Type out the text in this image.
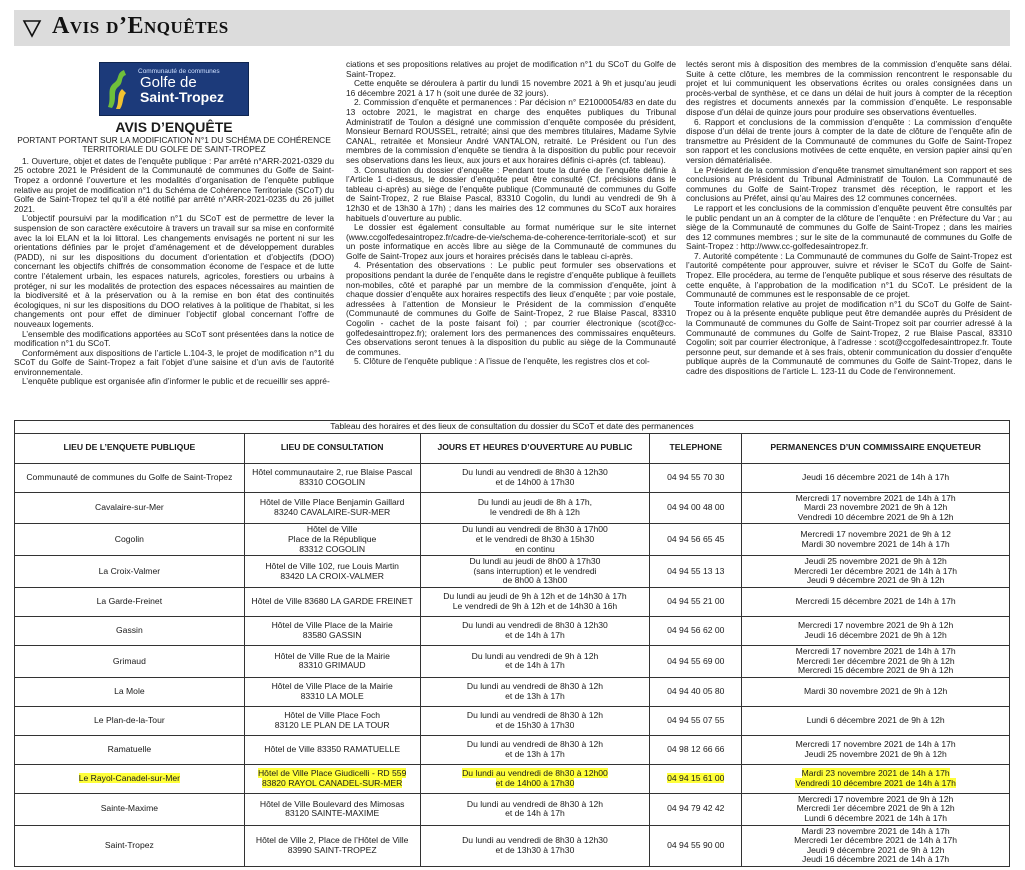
Avis d’Enquêtes
Communauté de communes
Golfe de
Saint-Tropez
AVIS D’ENQUÊTE
PORTANT PORTANT SUR LA MODIFICATION N°1 DU SCHÉMA DE COHÉRENCE TERRITORIALE DU GOLFE DE SAINT-TROPEZ

1. Ouverture, objet et dates de l’enquête publique : Par arrêté n°ARR-2021-0329 du 25 octobre 2021 le Président de la Communauté de communes du Golfe de Saint-Tropez a ordonné l’ouverture et les modalités d’organisation de l’enquête publique relative au projet de modification n°1 du Schéma de Cohérence Territoriale (SCoT) du Golfe de Saint-Tropez tel qu’il a été notifié par arrêté n°ARR-2021-0235 du 26 juillet 2021.

L’objectif poursuivi par la modification n°1 du SCoT est de permettre de lever la suspension de son caractère exécutoire à travers un travail sur sa mise en conformité avec la loi ELAN et la loi littoral. Les changements envisagés ne portent ni sur les orientations définies par le projet d’aménagement et de développement durables (PADD), ni sur les dispositions du document d’orientation et d’objectifs (DOO) concernant les objectifs chiffrés de consommation économe de l’espace et de lutte contre l’étalement urbain, les espaces naturels, agricoles, forestiers ou urbains à protéger, ni sur les modalités de protection des espaces nécessaires au maintien de la biodiversité et à la préservation ou à la remise en bon état des continuités écologiques, ni sur les dispositions du DOO relatives à la politique de l’habitat, si les changements ont pour effet de diminuer l’objectif global concernant l’offre de nouveaux logements.

L’ensemble des modifications apportées au SCoT sont présentées dans la notice de modification n°1 du SCoT.

Conformément aux dispositions de l’article L.104-3, le projet de modification n°1 du SCoT du Golfe de Saint-Tropez a fait l’objet d’une saisine et d’un avis de l’autorité environnementale.

L’enquête publique est organisée afin d’informer le public et de recueillir ses appré-

ciations et ses propositions relatives au projet de modification n°1 du SCoT du Golfe de Saint-Tropez.

Cette enquête se déroulera à partir du lundi 15 novembre 2021 à 9h et jusqu’au jeudi 16 décembre 2021 à 17 h (soit une durée de 32 jours).

2. Commission d’enquête et permanences : Par décision n° E21000054/83 en date du 13 octobre 2021, le magistrat en charge des enquêtes publiques du Tribunal Administratif de Toulon a désigné une commission d’enquête composée du président, Monsieur Bernard ROUSSEL, retraité; ainsi que des membres titulaires, Madame Sylvie CANAL, retraitée et Monsieur André VANTALON, retraité. Le Président ou l’un des membres de la commission d’enquête se tiendra à la disposition du public pour recevoir ses observations dans les lieux, aux jours et aux horaires définis ci-après (cf. tableau).

3. Consultation du dossier d’enquête : Pendant toute la durée de l’enquête définie à l’Article 1 ci-dessus, le dossier d’enquête peut être consulté (Cf. précisions dans le tableau ci-après) au siège de l’enquête publique (Communauté de communes du Golfe de Saint-Tropez, 2 rue Blaise Pascal, 83310 Cogolin, du lundi au vendredi de 9h à 12h30 et de 13h30 à 17h) ; dans les mairies des 12 communes du SCoT aux horaires habituels d’ouverture au public.

Le dossier est également consultable au format numérique sur le site internet (www.ccgolfedesaintropez.fr/cadre-de-vie/schema-de-coherence-territoriale-scot) et sur un poste informatique en accès libre au siège de la Communauté de communes du Golfe de Saint-Tropez aux jours et horaires précisés dans le tableau ci-après.

4. Présentation des observations : Le public peut formuler ses observations et propositions pendant la durée de l’enquête dans le registre d’enquête publique à feuillets non-mobiles, côté et paraphé par un membre de la commission d’enquête, joint à chaque dossier d’enquête aux horaires respectifs des lieux d’enquête ; par voie postale, adressées à l’attention de Monsieur le Président de la commission d’enquête (Communauté de communes du Golfe de Saint-Tropez, 2 rue Blaise Pascal, 83310 Cogolin - cachet de la poste faisant foi) ; par courrier électronique (scot@cc-golfedesainttropez.fr); oralement lors des permanences des commissaires enquêteurs. Ces observations seront tenues à la disposition du public au siège de la Communauté de communes.

5. Clôture de l’enquête publique : A l’issue de l’enquête, les registres clos et col-

lectés seront mis à disposition des membres de la commission d’enquête sans délai. Suite à cette clôture, les membres de la commission rencontrent le responsable du projet et lui communiquent les observations écrites ou orales consignées dans un procès-verbal de synthèse, et ce dans un délai de huit jours à compter de la réception des registres et documents annexés par la commission d’enquête. Le responsable dispose d’un délai de quinze jours pour produire ses observations éventuelles.

6. Rapport et conclusions de la commission d’enquête : La commission d’enquête dispose d’un délai de trente jours à compter de la date de clôture de l’enquête afin de transmettre au Président de la Communauté de communes du Golfe de Saint-Tropez son rapport et les conclusions motivées de cette enquête, en version papier ainsi qu’en version dématérialisée.

Le Président de la commission d’enquête transmet simultanément son rapport et ses conclusions au Président du Tribunal Administratif de Toulon. La Communauté de communes du Golfe de Saint-Tropez transmet dès réception, le rapport et les conclusions au Préfet, ainsi qu’au Maires des 12 communes concernées.

Le rapport et les conclusions de la commission d’enquête peuvent être consultés par le public pendant un an à compter de la clôture de l’enquête : en Préfecture du Var ; au siège de la Communauté de communes du Golfe de Saint-Tropez ; dans les mairies des 12 communes membres ; sur le site de la communauté de communes du Golfe de Saint-Tropez : http://www.cc-golfedesaintropez.fr.

7. Autorité compétente : La Communauté de communes du Golfe de Saint-Tropez est l’autorité compétente pour approuver, suivre et réviser le SCoT du Golfe de Saint-Tropez. Elle procédera, au terme de l’enquête publique et sous réserve des résultats de cette enquête, à l’approbation de la modification n°1 du SCoT. Le président de la Communauté de communes est le responsable de ce projet.

Toute information relative au projet de modification n°1 du SCoT du Golfe de Saint-Tropez ou à la présente enquête publique peut être demandée auprès du Président de la Communauté de communes du Golfe de Saint-Tropez soit par courrier adressé à la Communauté de communes du Golfe de Saint-Tropez, 2 rue Blaise Pascal, 83310 Cogolin; soit par courrier électronique, à l’adresse : scot@ccgolfedesainttropez.fr. Toute personne peut, sur demande et à ses frais, obtenir communication du dossier d’enquête publique auprès de la Communauté de communes du Golfe de Saint-Tropez, dans le cadre des dispositions de l’article L. 123-11 du Code de l’environnement.

Tableau des horaires et des lieux de consultation du dossier du SCoT et date des permanences
LIEU DE L’ENQUETE PUBLIQUE	LIEU DE CONSULTATION	JOURS ET HEURES D’OUVERTURE AU PUBLIC	TELEPHONE	PERMANENCES D’UN COMMISSAIRE ENQUETEUR
Communauté de communes du Golfe de Saint-Tropez	Hôtel communautaire 2, rue Blaise Pascal
83310 COGOLIN	Du lundi au vendredi de 8h30 à 12h30
et de 14h00 à 17h30	04 94 55 70 30	Jeudi 16 décembre 2021 de 14h à 17h
Cavalaire-sur-Mer	Hôtel de Ville Place Benjamin Gaillard
83240 CAVALAIRE-SUR-MER	Du lundi au jeudi de 8h à 17h,
le vendredi de 8h à 12h	04 94 00 48 00	Mercredi 17 novembre 2021 de 14h à 17h
Mardi 23 novembre 2021 de 9h à 12h
Vendredi 10 décembre 2021 de 9h à 12h
Cogolin	Hôtel de Ville
Place de la République
83312 COGOLIN	Du lundi au vendredi de 8h30 à 17h00
et le vendredi de 8h30 à 15h30
en continu	04 94 56 65 45	Mercredi 17 novembre 2021 de 9h à 12
Mardi 30 novembre 2021 de 14h à 17h
La Croix-Valmer	Hôtel de Ville 102, rue Louis Martin
83420 LA CROIX-VALMER	Du lundi au jeudi de 8h00 à 17h30
(sans interruption) et le vendredi
de 8h00 à 13h00	04 94 55 13 13	Jeudi 25 novembre 2021 de 9h à 12h
Mercredi 1er décembre 2021 de 14h à 17h
Jeudi 9 décembre 2021 de 9h à 12h
La Garde-Freinet	Hôtel de Ville 83680 LA GARDE FREINET	Du lundi au jeudi de 9h à 12h et de 14h30 à 17h
Le vendredi de 9h à 12h et de 14h30 à 16h	04 94 55 21 00	Mercredi 15 décembre 2021 de 14h à 17h
Gassin	Hôtel de Ville Place de la Mairie
83580 GASSIN	Du lundi au vendredi de 8h30 à 12h30
et de 14h à 17h	04 94 56 62 00	Mercredi 17 novembre 2021 de 9h à 12h
Jeudi 16 décembre 2021 de 9h à 12h
Grimaud	Hôtel de Ville Rue de la Mairie
83310 GRIMAUD	Du lundi au vendredi de 9h à 12h
et de 14h à 17h	04 94 55 69 00	Mercredi 17 novembre 2021 de 14h à 17h
Mercredi 1er décembre 2021 de 9h à 12h
Mercredi 15 décembre 2021 de 9h à 12h
La Mole	Hôtel de Ville Place de la Mairie
83310 LA MOLE	Du lundi au vendredi de 8h30 à 12h
et de 13h à 17h	04 94 40 05 80	Mardi 30 novembre 2021 de 9h à 12h
Le Plan-de-la-Tour	Hôtel de Ville Place Foch
83120 LE PLAN DE LA TOUR	Du lundi au vendredi de 8h30 à 12h
et de 15h30 à 17h30	04 94 55 07 55	Lundi 6 décembre 2021 de 9h à 12h
Ramatuelle	Hôtel de Ville 83350 RAMATUELLE	Du lundi au vendredi de 8h30 à 12h
et de 13h à 17h	04 98 12 66 66	Mercredi 17 novembre 2021 de 14h à 17h
Jeudi 25 novembre 2021 de 9h à 12h
Le Rayol-Canadel-sur-Mer	Hôtel de Ville Place Giudicelli - RD 559
83820 RAYOL CANADEL-SUR-MER	Du lundi au vendredi de 8h30 à 12h00
et de 14h00 à 17h30	04 94 15 61 00	Mardi 23 novembre 2021 de 14h à 17h
Vendredi 10 décembre 2021 de 14h à 17h
Sainte-Maxime	Hôtel de Ville Boulevard des Mimosas
83120 SAINTE-MAXIME	Du lundi au vendredi de 8h30 à 12h
et de 14h à 17h	04 94 79 42 42	Mercredi 17 novembre 2021 de 9h à 12h
Mercredi 1er décembre 2021 de 9h à 12h
Lundi 6 décembre 2021 de 14h à 17h
Saint-Tropez	Hôtel de Ville 2, Place de l’Hôtel de Ville
83990 SAINT-TROPEZ	Du lundi au vendredi de 8h30 à 12h30
et de 13h30 à 17h30	04 94 55 90 00	Mardi 23 novembre 2021 de 14h à 17h
Mercredi 1er décembre 2021 de 14h à 17h
Jeudi 9 décembre 2021 de 9h à 12h
Jeudi 16 décembre 2021 de 14h à 17h
